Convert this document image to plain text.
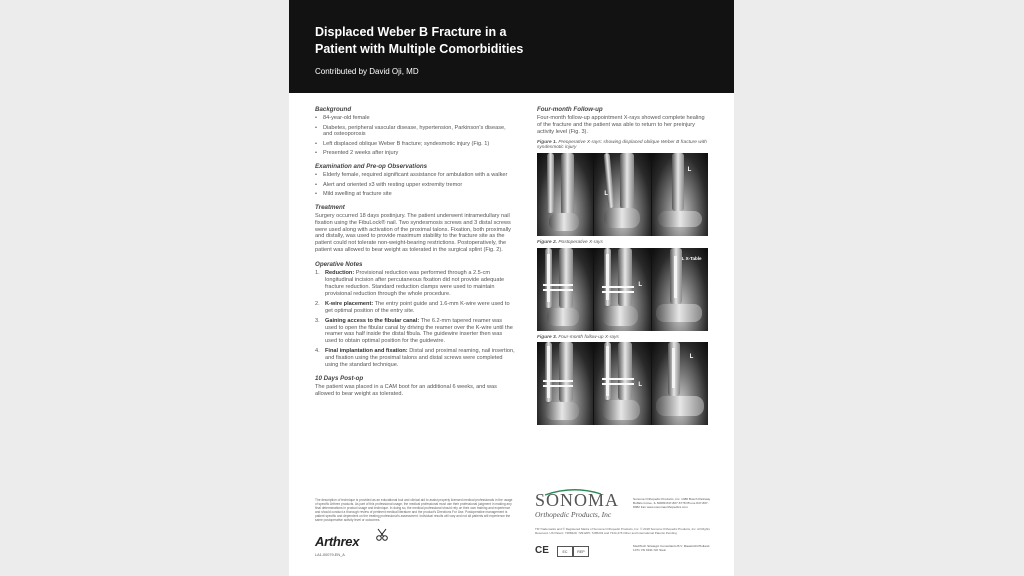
Displaced Weber B Fracture in a
Patient with Multiple Comorbidities

Contributed by David Oji, MD

Background

• 84-year-old female
• Diabetes, peripheral vascular disease, hypertension, Parkinson's disease, and osteoporosis
• Left displaced oblique Weber B fracture; syndesmotic injury (Fig. 1)
• Presented 2 weeks after injury

Examination and Pre-op Observations

• Elderly female, required significant assistance for ambulation with a walker
• Alert and oriented x3 with resting upper extremity tremor
• Mild swelling at fracture site

Treatment

Surgery occurred 18 days postinjury. The patient underwent intramedullary nail fixation using the FibuLock® nail. Two syndesmosis screws and 3 distal screws were used along with activation of the proximal talons. Fixation, both proximally and distally, was used to provide maximum stability to the fracture site as the patient could not tolerate non-weight-bearing restrictions. Postoperatively, the patient was allowed to bear weight as tolerated in the surgical splint (Fig. 2).

Operative Notes

1. Reduction: Provisional reduction was performed through a 2.5-cm longitudinal incision after percutaneous fixation did not provide adequate fracture reduction. Standard reduction clamps were used to maintain provisional reduction through the whole procedure.
2. K-wire placement: The entry point guide and 1.6-mm K-wire were used to get optimal position of the entry site.
3. Gaining access to the fibular canal: The 6.2-mm tapered reamer was used to open the fibular canal by driving the reamer over the K-wire until the reamer was half inside the distal fibula. The guidewire inserter then was used to obtain optimal position for the guidewire.
4. Final implantation and fixation: Distal and proximal reaming, nail insertion, and fixation using the proximal talons and distal screws were completed using the standard technique.

10 Days Post-op

The patient was placed in a CAM boot for an additional 6 weeks, and was allowed to bear weight as tolerated.

Four-month Follow-up

Four-month follow-up appointment X-rays showed complete healing of the fracture and the patient was able to return to her preinjury activity level (Fig. 3).

Figure 1. Preoperative X-rays: showing displaced oblique Weber B fracture with syndesmotic injury

L
L

Figure 2. Postoperative X-rays

L
L X-Table

Figure 3. Four-month follow-up X-rays

L
L

The description of technique is provided as an educational tool and clinical aid to assist properly licensed medical professionals in the usage of specific Arthrex products. As part of this professional usage, the medical professional must use their professional judgment in making any final determinations in product usage and technique. In doing so, the medical professional should rely on their own training and experience and should conduct a thorough review of pertinent medical literature and the product's Directions For Use. Postoperative management is patient specific and dependent on the treating professional's assessment. Individual results will vary and not all patients will experience the same postoperative activity level or outcomes.

Arthrex

LA1-00079-EN_A

SONOMA
Orthopedic Products, Inc

Sonoma Orthopedic Products, Inc. 1386 Busch Parkway Buffalo Grove, IL 60089 847-807-6778 Phone 847-807-8082 Fax www.sonomaorthopedics.com

TM Trademarks and ® Registered Marks of Sonoma Orthopedic Products, Inc. © 2018 Sonoma Orthopedic Products, Inc. All Rights Reserved. US Patent: 7488329; 7291205; 7295243 and 7344,476 Other and International Patents Pending

CE	EC	REP

MediTech Strategic Consultants B.V. Maastricht/Holland 1071 VN 0191 NO Stein
